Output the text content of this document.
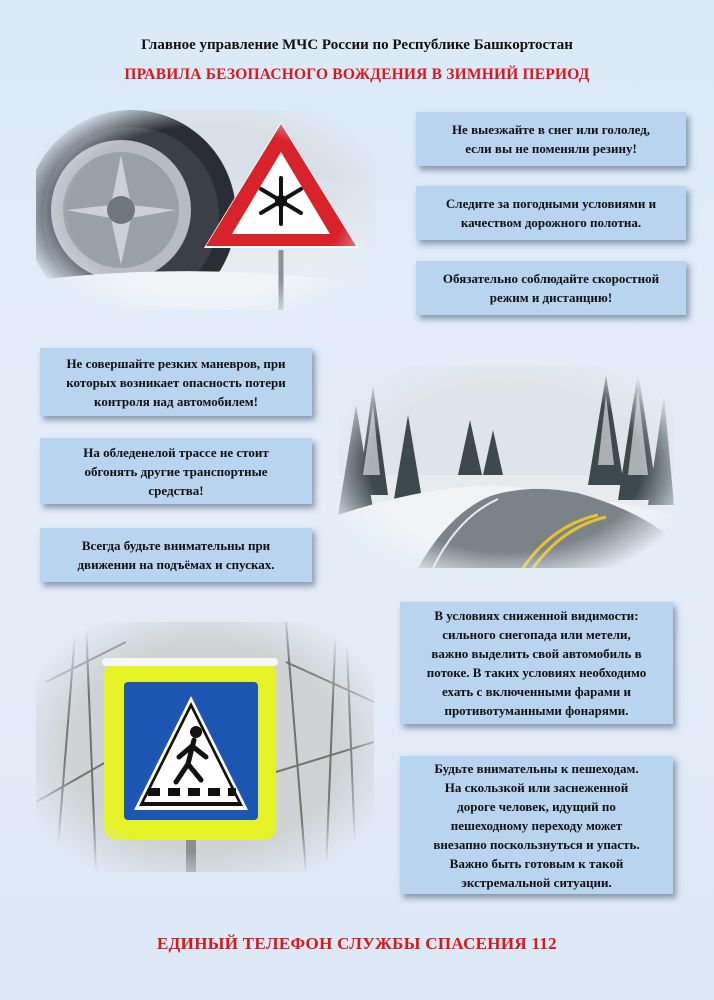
Главное управление МЧС России по Республике Башкортостан
ПРАВИЛА БЕЗОПАСНОГО ВОЖДЕНИЯ В ЗИМНИЙ ПЕРИОД
Не выезжайте в снег или гололед,
если вы не поменяли резину!
Следите за погодными условиями и
качеством дорожного полотна.
Обязательно соблюдайте скоростной
режим и дистанцию!
Не совершайте резких маневров, при
которых возникает опасность потери
контроля над автомобилем!
На обледенелой трассе не стоит
обгонять другие транспортные
средства!
Всегда будьте внимательны при
движении на подъёмах и спусках.
В условиях сниженной видимости:
сильного снегопада или метели,
важно выделить свой автомобиль в
потоке. В таких условиях необходимо
ехать с включенными фарами и
противотуманными фонарями.
Будьте внимательны к пешеходам.
На скользкой или заснеженной
дороге человек, идущий по
пешеходному переходу может
внезапно поскользнуться и упасть.
Важно быть готовым к такой
экстремальной ситуации.
ЕДИНЫЙ ТЕЛЕФОН СЛУЖБЫ СПАСЕНИЯ 112
